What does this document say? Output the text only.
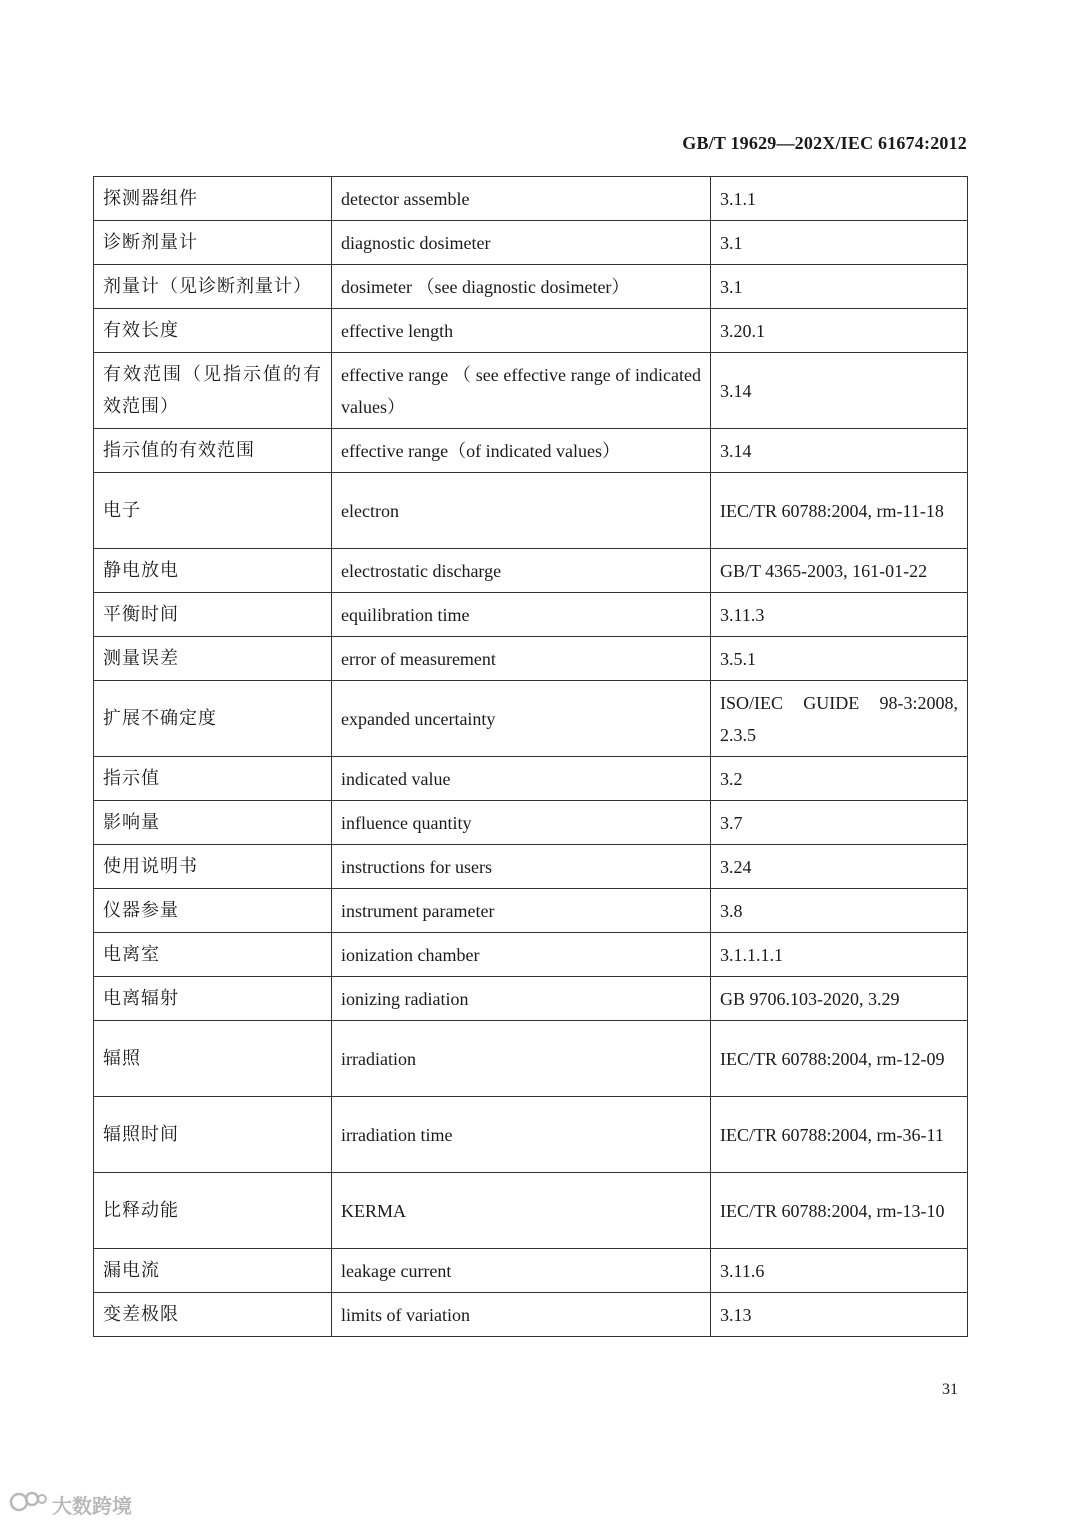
GB/T 19629—202X/IEC 61674:2012
探测器组件	detector assemble	3.1.1
诊断剂量计	diagnostic dosimeter	3.1
剂量计（见诊断剂量计）	dosimeter （see diagnostic dosimeter）	3.1
有效长度	effective length	3.20.1
有效范围（见指示值的有效范围）	effective range （ see effective range of indicated values）	3.14
指示值的有效范围	effective range（of indicated values）	3.14
电子	electron	IEC/TR 60788:2004, rm-11-18
静电放电	electrostatic discharge	GB/T 4365-2003, 161-01-22
平衡时间	equilibration time	3.11.3
测量误差	error of measurement	3.5.1
扩展不确定度	expanded uncertainty	ISO/IEC GUIDE 98-3:2008, 2.3.5
指示值	indicated value	3.2
影响量	influence quantity	3.7
使用说明书	instructions for users	3.24
仪器参量	instrument parameter	3.8
电离室	ionization chamber	3.1.1.1.1
电离辐射	ionizing radiation	GB 9706.103-2020, 3.29
辐照	irradiation	IEC/TR 60788:2004, rm-12-09
辐照时间	irradiation time	IEC/TR 60788:2004, rm-36-11
比释动能	KERMA	IEC/TR 60788:2004, rm-13-10
漏电流	leakage current	3.11.6
变差极限	limits of variation	3.13
31
大数跨境
